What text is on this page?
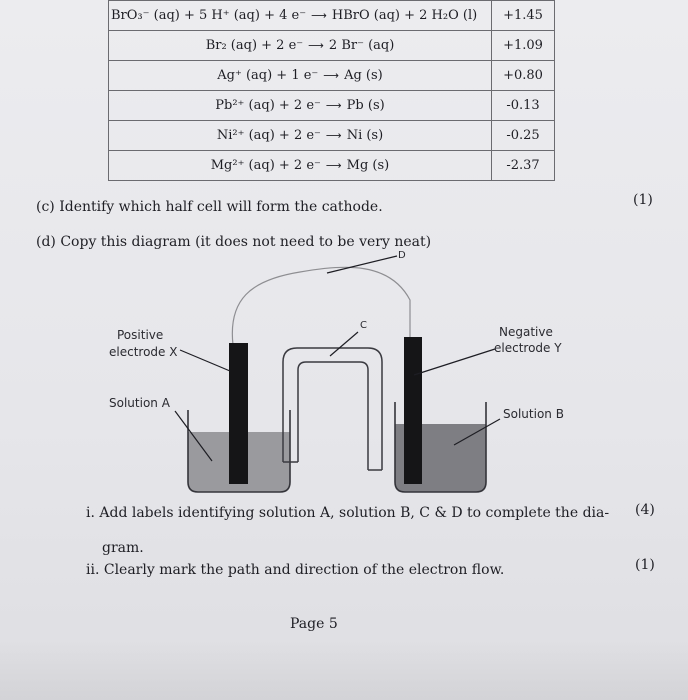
BrO₃⁻ (aq) + 5 H⁺ (aq) + 4 e⁻ ⟶ HBrO (aq) + 2 H₂O (l)	+1.45
Br₂ (aq) + 2 e⁻ ⟶ 2 Br⁻ (aq)	+1.09
Ag⁺ (aq) + 1 e⁻ ⟶ Ag (s)	+0.80
Pb²⁺ (aq) + 2 e⁻ ⟶ Pb (s)	-0.13
Ni²⁺ (aq) + 2 e⁻ ⟶ Ni (s)	-0.25
Mg²⁺ (aq) + 2 e⁻ ⟶ Mg (s)	-2.37
(c) Identify which half cell will form the cathode.	(1)
(d) Copy this diagram (it does not need to be very neat)
D
C
Positive
electrode X
Negative
electrode Y
Solution A
Solution B
i. Add labels identifying solution A, solution B, C & D to complete the dia- (4)
gram.
ii. Clearly mark the path and direction of the electron flow.	(1)
Page 5
